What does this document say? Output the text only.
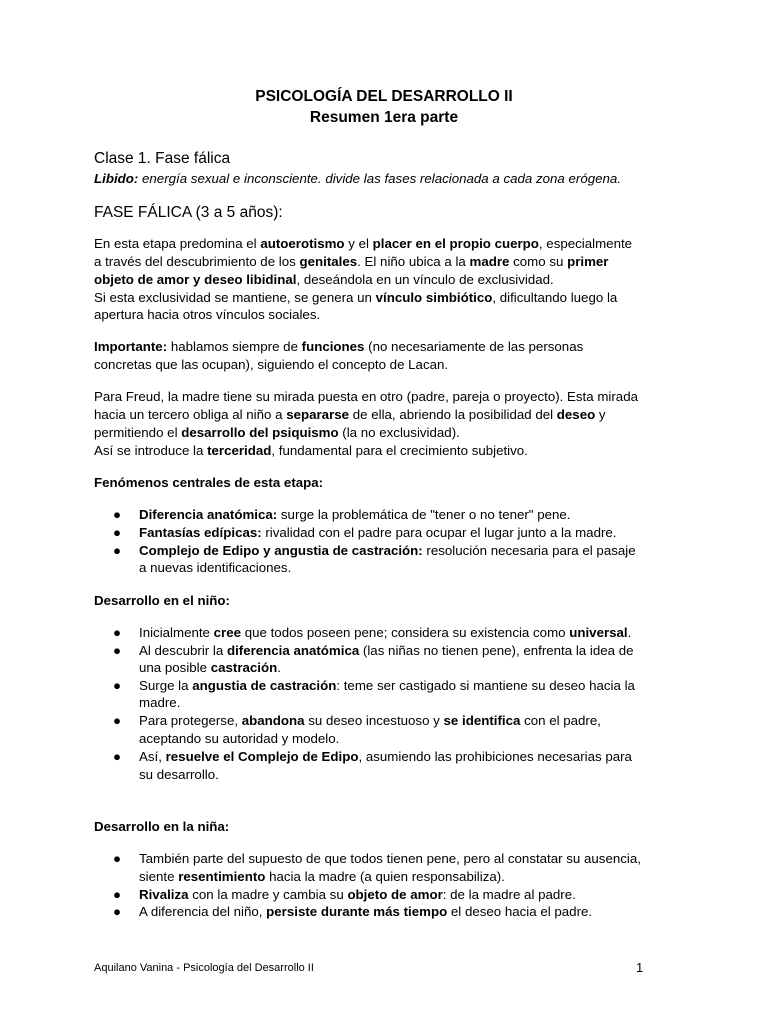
PSICOLOGÍA DEL DESARROLLO II
Resumen 1era parte
Clase 1. Fase fálica
Libido: energía sexual e inconsciente. divide las fases relacionada a cada zona erógena.
FASE FÁLICA (3 a 5 años):
En esta etapa predomina el autoerotismo y el placer en el propio cuerpo, especialmente
a través del descubrimiento de los genitales. El niño ubica a la madre como su primer
objeto de amor y deseo libidinal, deseándola en un vínculo de exclusividad.
Si esta exclusividad se mantiene, se genera un vínculo simbiótico, dificultando luego la
apertura hacia otros vínculos sociales.
Importante: hablamos siempre de funciones (no necesariamente de las personas
concretas que las ocupan), siguiendo el concepto de Lacan.
Para Freud, la madre tiene su mirada puesta en otro (padre, pareja o proyecto). Esta mirada
hacia un tercero obliga al niño a separarse de ella, abriendo la posibilidad del deseo y
permitiendo el desarrollo del psiquismo (la no exclusividad).
Así se introduce la terceridad, fundamental para el crecimiento subjetivo.
Fenómenos centrales de esta etapa:
● Diferencia anatómica: surge la problemática de "tener o no tener" pene.
● Fantasías edípicas: rivalidad con el padre para ocupar el lugar junto a la madre.
● Complejo de Edipo y angustia de castración: resolución necesaria para el pasaje
a nuevas identificaciones.
Desarrollo en el niño:
● Inicialmente cree que todos poseen pene; considera su existencia como universal.
● Al descubrir la diferencia anatómica (las niñas no tienen pene), enfrenta la idea de
una posible castración.
● Surge la angustia de castración: teme ser castigado si mantiene su deseo hacia la
madre.
● Para protegerse, abandona su deseo incestuoso y se identifica con el padre,
aceptando su autoridad y modelo.
● Así, resuelve el Complejo de Edipo, asumiendo las prohibiciones necesarias para
su desarrollo.
Desarrollo en la niña:
● También parte del supuesto de que todos tienen pene, pero al constatar su ausencia,
siente resentimiento hacia la madre (a quien responsabiliza).
● Rivaliza con la madre y cambia su objeto de amor: de la madre al padre.
● A diferencia del niño, persiste durante más tiempo el deseo hacia el padre.
Aquilano Vanina - Psicología del Desarrollo II	1
